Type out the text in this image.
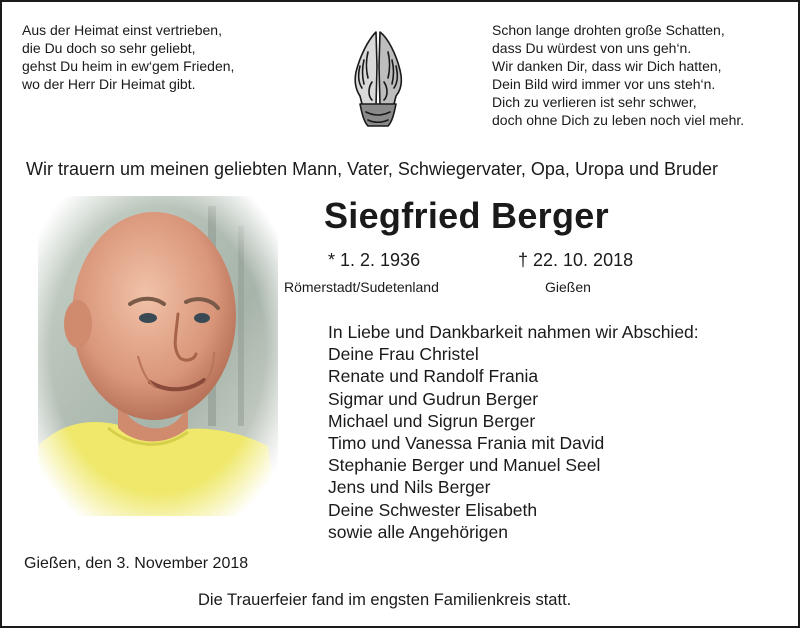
Aus der Heimat einst vertrieben,
die Du doch so sehr geliebt,
gehst Du heim in ew‘gem Frieden,
wo der Herr Dir Heimat gibt.
Schon lange drohten große Schatten,
dass Du würdest von uns geh‘n.
Wir danken Dir, dass wir Dich hatten,
Dein Bild wird immer vor uns steh‘n.
Dich zu verlieren ist sehr schwer,
doch ohne Dich zu leben noch viel mehr.
Wir trauern um meinen geliebten Mann, Vater, Schwiegervater, Opa, Uropa und Bruder
Siegfried Berger
* 1. 2. 1936	† 22. 10. 2018
Römerstadt/Sudetenland	Gießen
In Liebe und Dankbarkeit nahmen wir Abschied:
Deine Frau Christel
Renate und Randolf Frania
Sigmar und Gudrun Berger
Michael und Sigrun Berger
Timo und Vanessa Frania mit David
Stephanie Berger und Manuel Seel
Jens und Nils Berger
Deine Schwester Elisabeth
sowie alle Angehörigen
Gießen, den 3. November 2018
Die Trauerfeier fand im engsten Familienkreis statt.
